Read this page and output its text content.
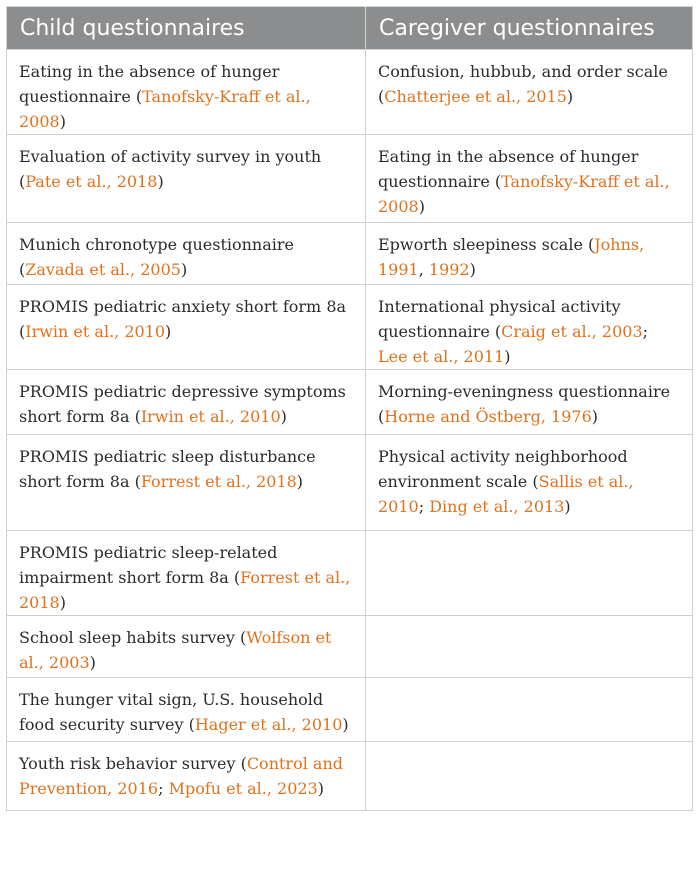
Child questionnaires	Caregiver questionnaires
Eating in the absence of hunger questionnaire (Tanofsky-Kraff et al., 2008)	Confusion, hubbub, and order scale (Chatterjee et al., 2015)
Evaluation of activity survey in youth (Pate et al., 2018)	Eating in the absence of hunger questionnaire (Tanofsky-Kraff et al., 2008)
Munich chronotype questionnaire (Zavada et al., 2005)	Epworth sleepiness scale (Johns, 1991, 1992)
PROMIS pediatric anxiety short form 8a (Irwin et al., 2010)	International physical activity questionnaire (Craig et al., 2003; Lee et al., 2011)
PROMIS pediatric depressive symptoms short form 8a (Irwin et al., 2010)	Morning-eveningness questionnaire (Horne and Östberg, 1976)
PROMIS pediatric sleep disturbance short form 8a (Forrest et al., 2018)	Physical activity neighborhood environment scale (Sallis et al., 2010; Ding et al., 2013)
PROMIS pediatric sleep-related impairment short form 8a (Forrest et al., 2018)	
School sleep habits survey (Wolfson et al., 2003)	
The hunger vital sign, U.S. household food security survey (Hager et al., 2010)	
Youth risk behavior survey (Control and Prevention, 2016; Mpofu et al., 2023)	
